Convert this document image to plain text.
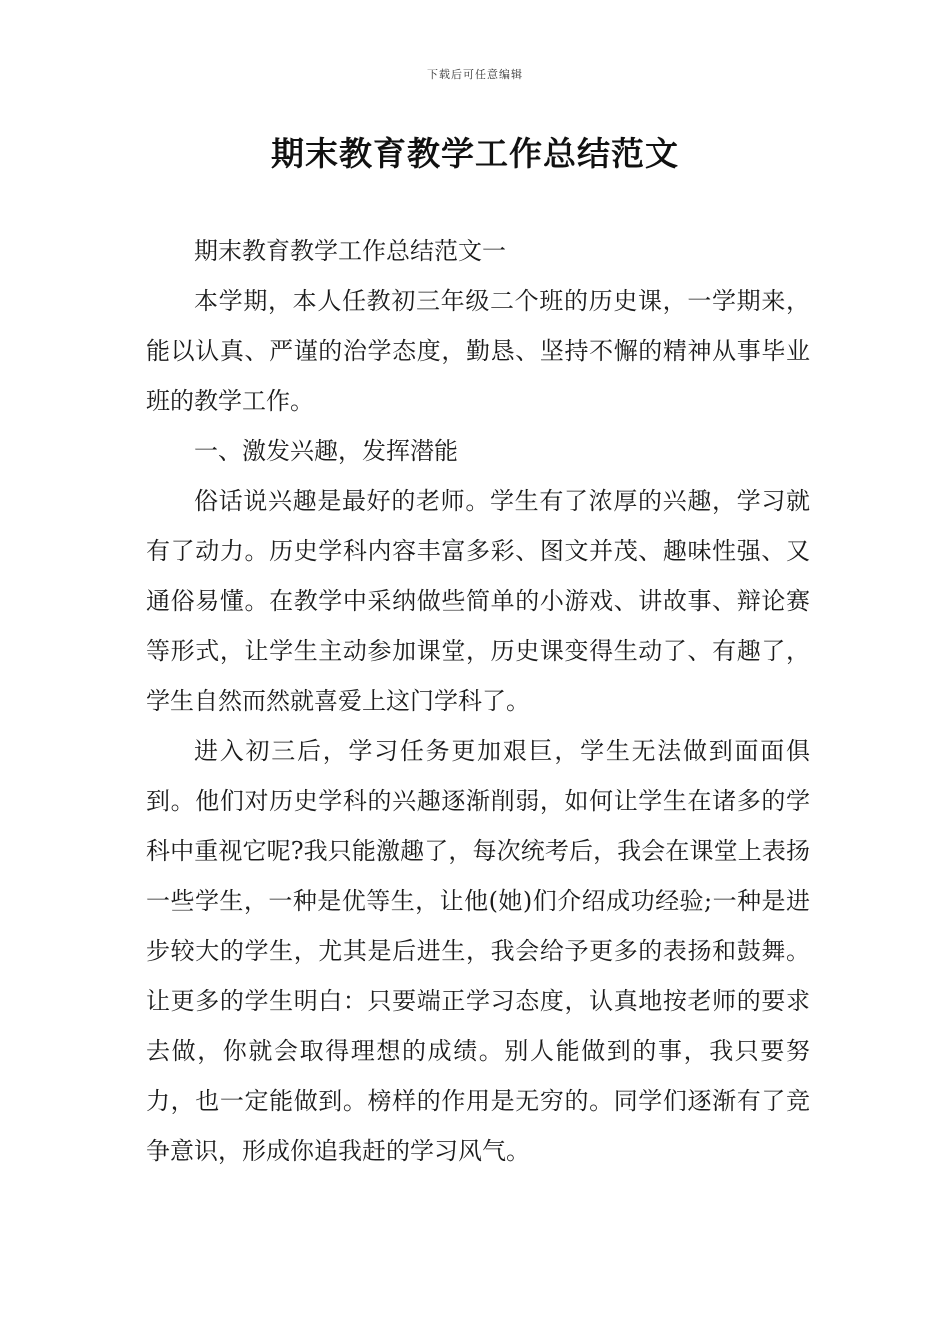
下载后可任意编辑
期末教育教学工作总结范文

期末教育教学工作总结范文一

本学期，本人任教初三年级二个班的历史课，一学期来，能以认真、严谨的治学态度，勤恳、坚持不懈的精神从事毕业班的教学工作。

一、激发兴趣，发挥潜能

俗话说兴趣是最好的老师。学生有了浓厚的兴趣，学习就有了动力。历史学科内容丰富多彩、图文并茂、趣味性强、又通俗易懂。在教学中采纳做些简单的小游戏、讲故事、辩论赛等形式，让学生主动参加课堂，历史课变得生动了、有趣了，学生自然而然就喜爱上这门学科了。

进入初三后，学习任务更加艰巨，学生无法做到面面俱到。他们对历史学科的兴趣逐渐削弱，如何让学生在诸多的学科中重视它呢?我只能激趣了，每次统考后，我会在课堂上表扬一些学生，一种是优等生，让他(她)们介绍成功经验;一种是进步较大的学生，尤其是后进生，我会给予更多的表扬和鼓舞。让更多的学生明白：只要端正学习态度，认真地按老师的要求去做，你就会取得理想的成绩。别人能做到的事，我只要努力，也一定能做到。榜样的作用是无穷的。同学们逐渐有了竞争意识，形成你追我赶的学习风气。
